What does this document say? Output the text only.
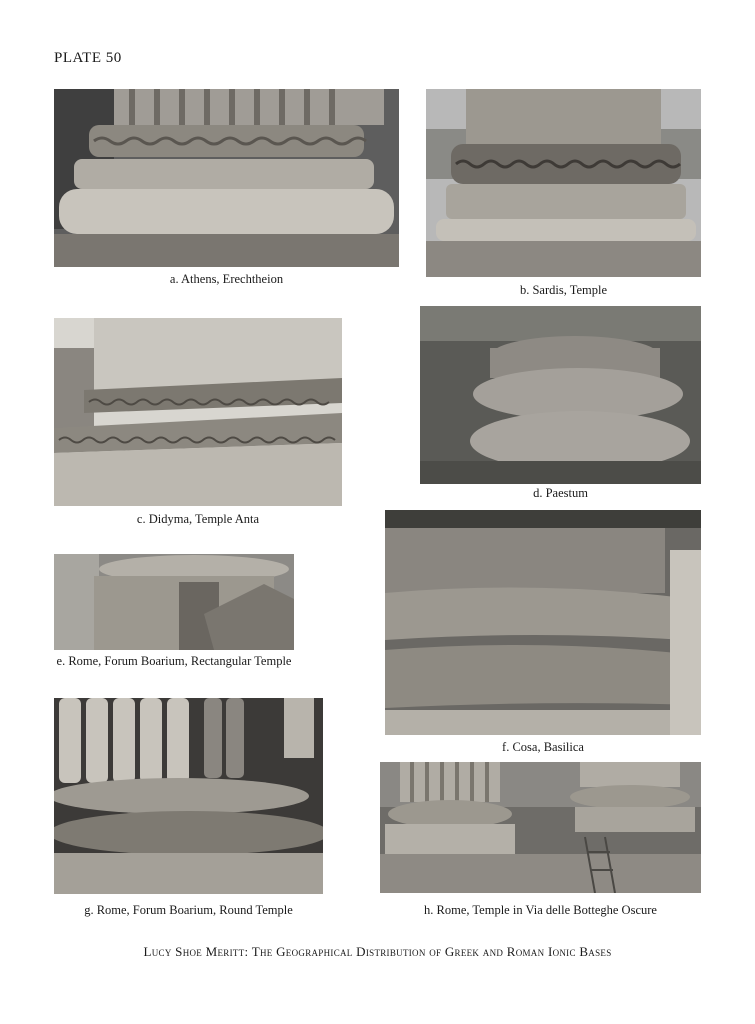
PLATE 50
a. Athens, Erechtheion
b. Sardis, Temple
c. Didyma, Temple Anta
d. Paestum
e. Rome, Forum Boarium, Rectangular Temple
f. Cosa, Basilica
g. Rome, Forum Boarium, Round Temple	h. Rome, Temple in Via delle Botteghe Oscure
Lucy Shoe Meritt: The Geographical Distribution of Greek and Roman Ionic Bases
